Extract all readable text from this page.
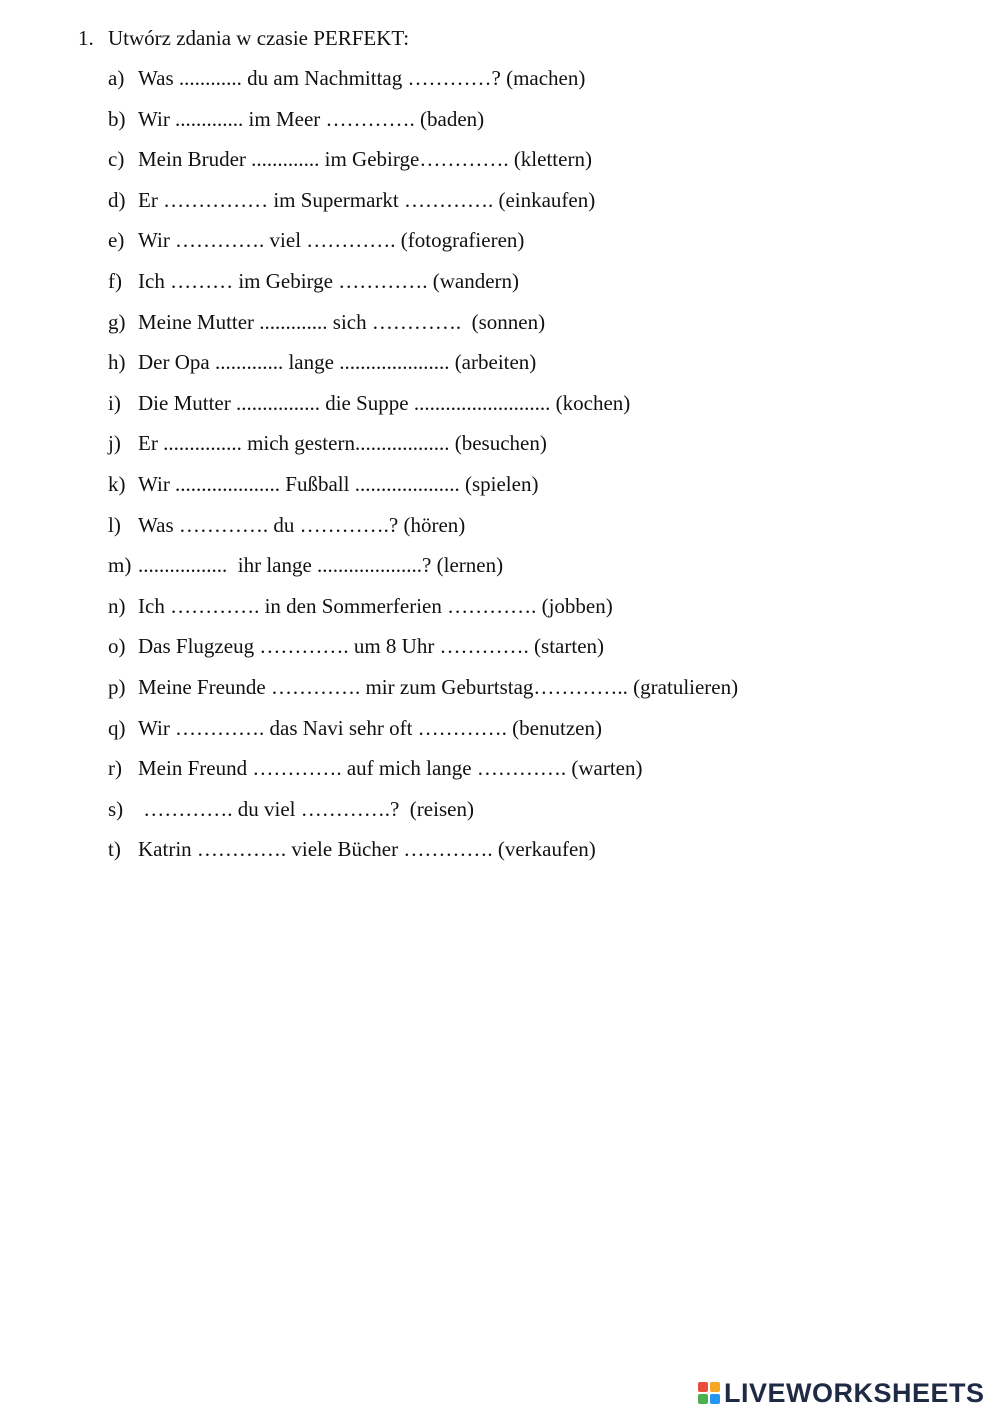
1. Utwórz zdania w czasie PERFEKT:
a) Was ............ du am Nachmittag …………? (machen)
b) Wir ............. im Meer …………. (baden)
c) Mein Bruder ............. im Gebirge…………. (klettern)
d) Er …………… im Supermarkt …………. (einkaufen)
e) Wir …………. viel …………. (fotografieren)
f) Ich ……… im Gebirge …………. (wandern)
g) Meine Mutter ............. sich ………….  (sonnen)
h) Der Opa ............. lange ..................... (arbeiten)
i) Die Mutter ................ die Suppe .......................... (kochen)
j) Er ............... mich gestern.................. (besuchen)
k) Wir .................... Fußball .................... (spielen)
l) Was …………. du ………….? (hören)
m) .................  ihr lange ....................? (lernen)
n) Ich …………. in den Sommerferien …………. (jobben)
o) Das Flugzeug …………. um 8 Uhr …………. (starten)
p) Meine Freunde …………. mir zum Geburtstag………….. (gratulieren)
q) Wir …………. das Navi sehr oft …………. (benutzen)
r) Mein Freund …………. auf mich lange …………. (warten)
s) …………. du viel ………….?  (reisen)
t) Katrin …………. viele Bücher …………. (verkaufen)
LIVEWORKSHEETS
